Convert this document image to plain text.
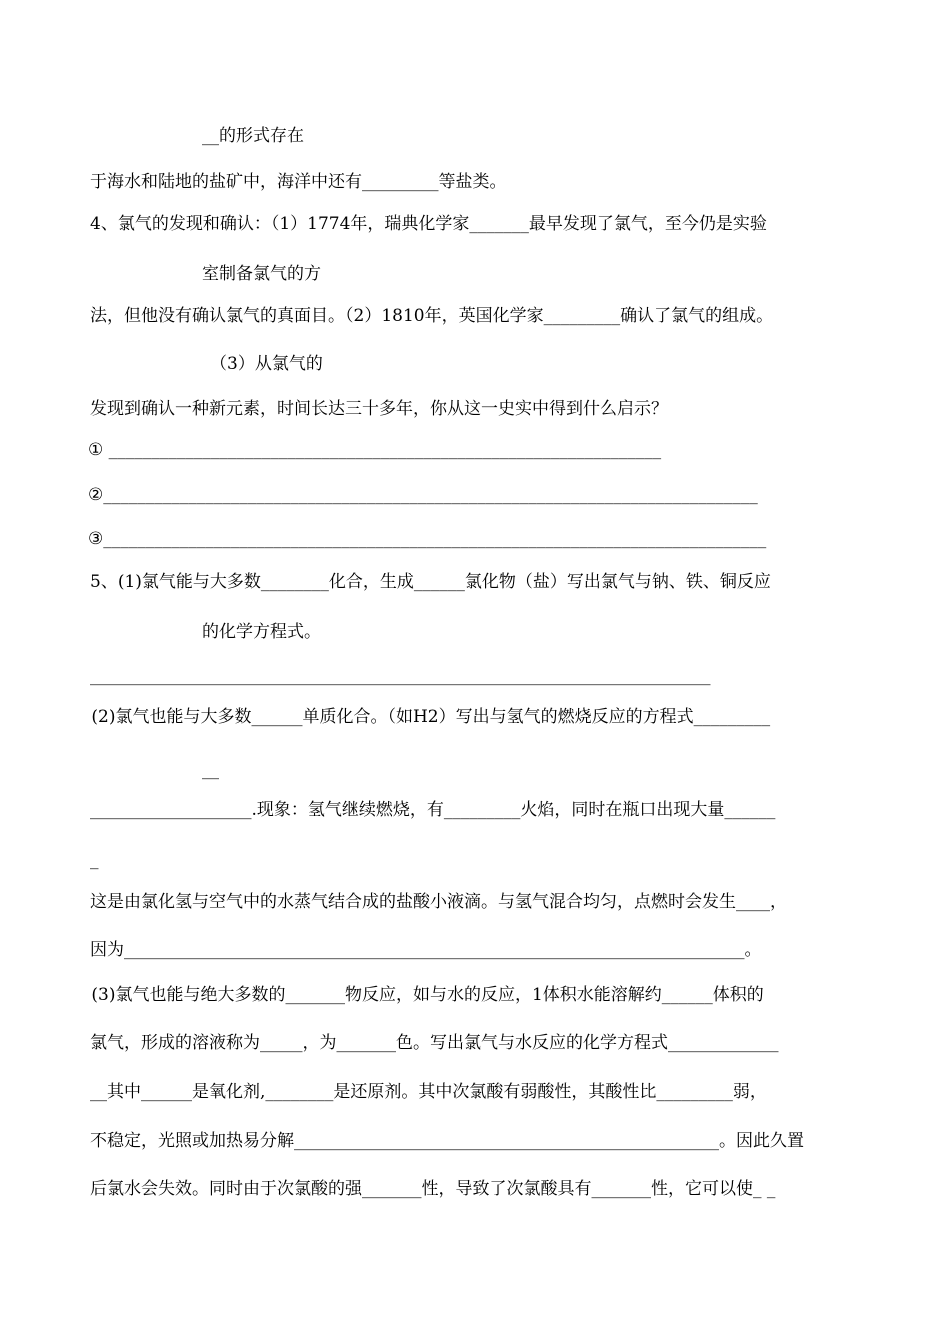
__的形式存在
于海水和陆地的盐矿中，海洋中还有_________等盐类。
4、氯气的发现和确认：（1）1774年，瑞典化学家_______最早发现了氯气，至今仍是实验
室制备氯气的方
法，但他没有确认氯气的真面目。（2）1810年，英国化学家_________确认了氯气的组成。
（3）从氯气的
发现到确认一种新元素，时间长达三十多年，你从这一史实中得到什么启示？
① _________________________________________________________________
②_____________________________________________________________________________
③______________________________________________________________________________
5、(1)氯气能与大多数________化合，生成______氯化物（盐）写出氯气与钠、铁、铜反应
的化学方程式。
_________________________________________________________________________
(2)氯气也能与大多数______单质化合。（如H2）写出与氢气的燃烧反应的方程式_________
__
___________________.现象：氢气继续燃烧，有_________火焰，同时在瓶口出现大量______
_
这是由氯化氢与空气中的水蒸气结合成的盐酸小液滴。与氢气混合均匀，点燃时会发生____，
因为_________________________________________________________________________。
(3)氯气也能与绝大多数的_______物反应，如与水的反应，1体积水能溶解约______体积的
氯气，形成的溶液称为_____，为_______色。写出氯气与水反应的化学方程式_____________
__其中______是氧化剂,________是还原剂。其中次氯酸有弱酸性，其酸性比_________弱，
不稳定，光照或加热易分解__________________________________________________。因此久置
后氯水会失效。同时由于次氯酸的强_______性，导致了次氯酸具有_______性，它可以使_ _
